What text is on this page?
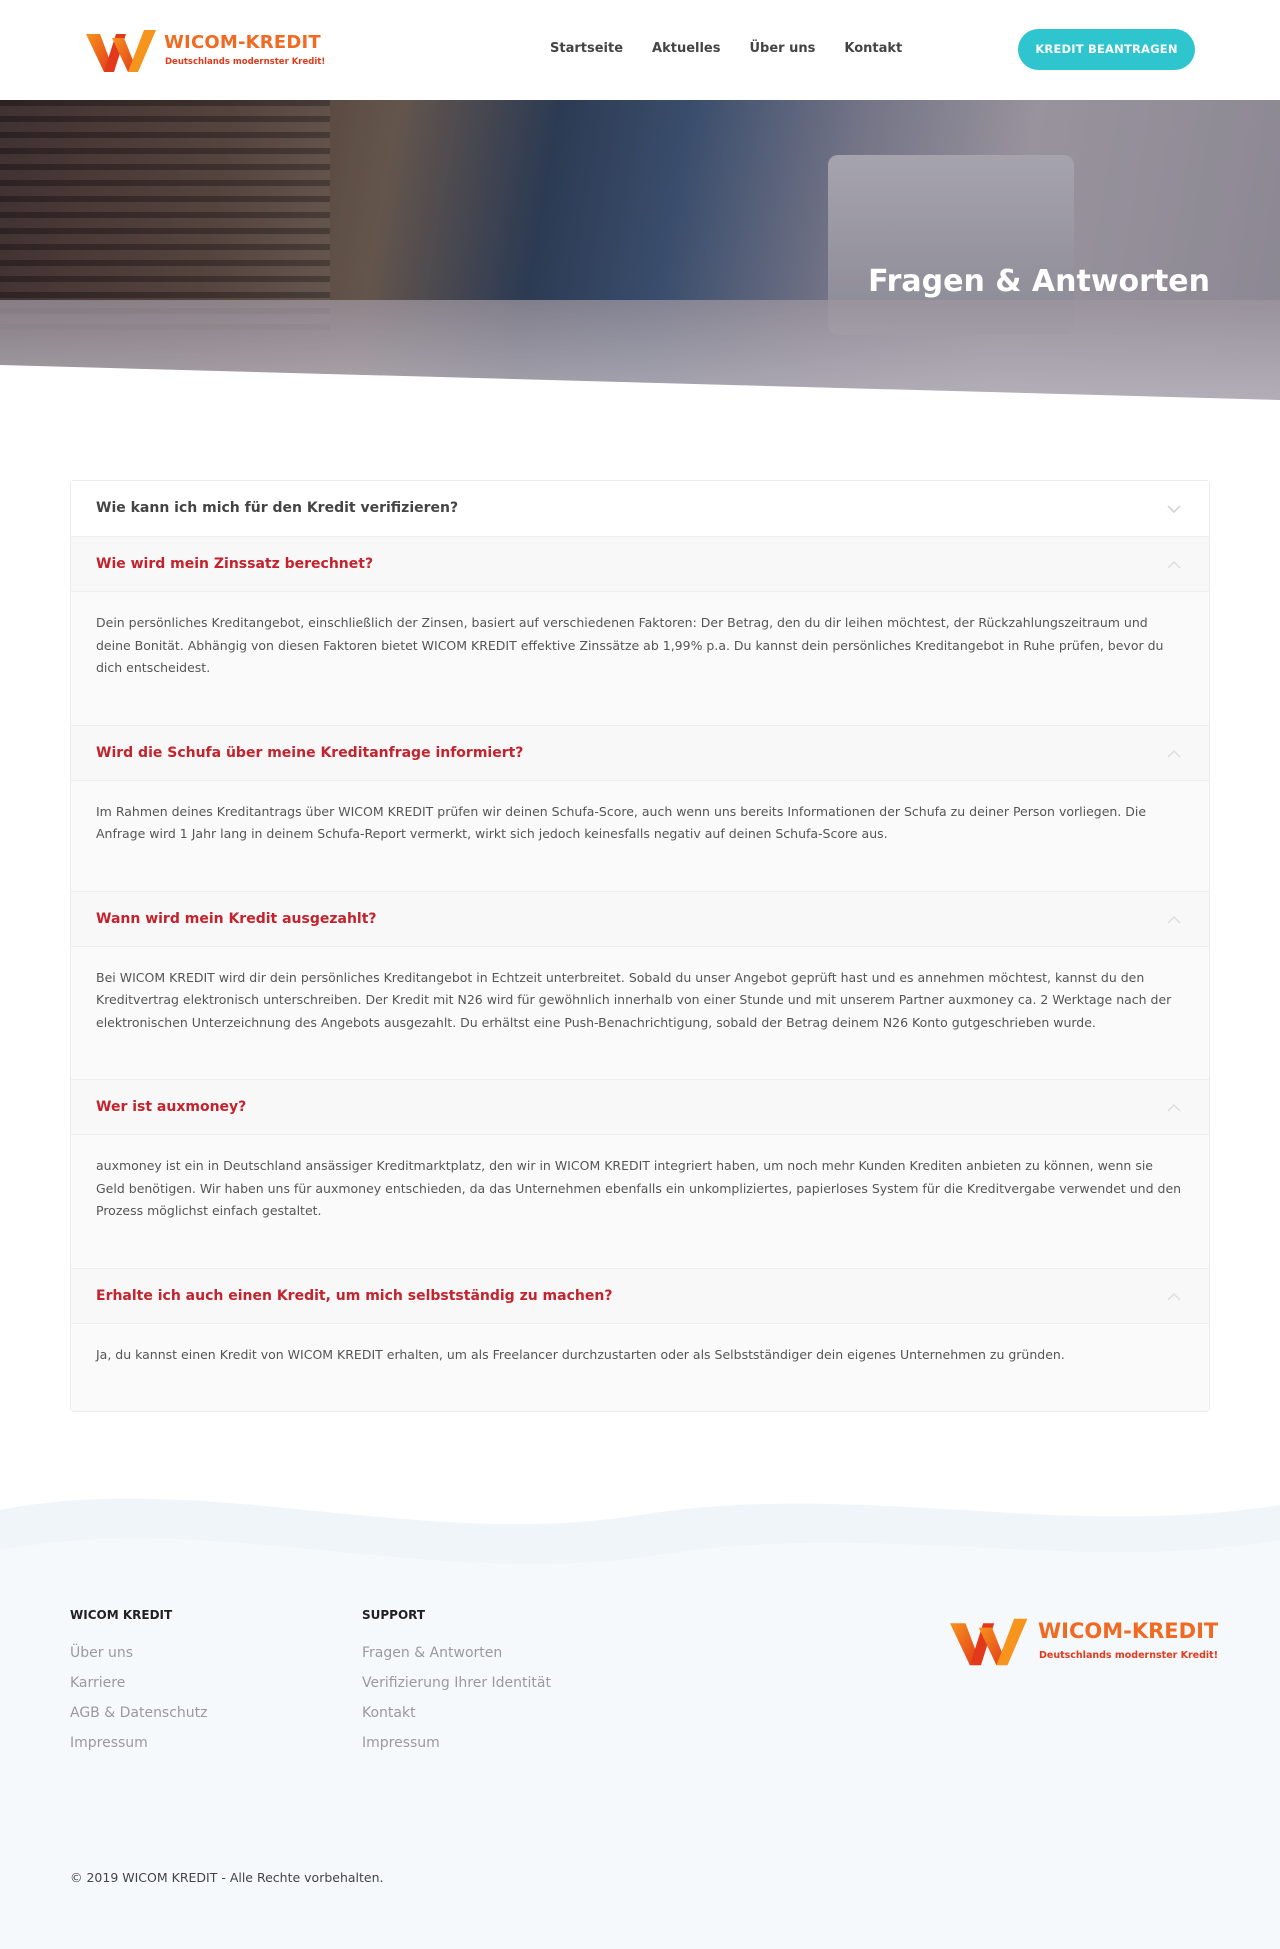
WICOM-KREDIT
Deutschlands modernster Kredit!
Startseite Aktuelles Über uns Kontakt	KREDIT BEANTRAGEN
Fragen & Antworten
Wie kann ich mich für den Kredit verifizieren?
Wie wird mein Zinssatz berechnet?
Dein persönliches Kreditangebot, einschließlich der Zinsen, basiert auf verschiedenen Faktoren: Der Betrag, den du dir leihen möchtest, der Rückzahlungszeitraum und deine Bonität. Abhängig von diesen Faktoren bietet WICOM KREDIT effektive Zinssätze ab 1,99% p.a. Du kannst dein persönliches Kreditangebot in Ruhe prüfen, bevor du dich entscheidest.
Wird die Schufa über meine Kreditanfrage informiert?
Im Rahmen deines Kreditantrags über WICOM KREDIT prüfen wir deinen Schufa-Score, auch wenn uns bereits Informationen der Schufa zu deiner Person vorliegen. Die Anfrage wird 1 Jahr lang in deinem Schufa-Report vermerkt, wirkt sich jedoch keinesfalls negativ auf deinen Schufa-Score aus.
Wann wird mein Kredit ausgezahlt?
Bei WICOM KREDIT wird dir dein persönliches Kreditangebot in Echtzeit unterbreitet. Sobald du unser Angebot geprüft hast und es annehmen möchtest, kannst du den Kreditvertrag elektronisch unterschreiben. Der Kredit mit N26 wird für gewöhnlich innerhalb von einer Stunde und mit unserem Partner auxmoney ca. 2 Werktage nach der elektronischen Unterzeichnung des Angebots ausgezahlt. Du erhältst eine Push-Benachrichtigung, sobald der Betrag deinem N26 Konto gutgeschrieben wurde.
Wer ist auxmoney?
auxmoney ist ein in Deutschland ansässiger Kreditmarktplatz, den wir in WICOM KREDIT integriert haben, um noch mehr Kunden Krediten anbieten zu können, wenn sie Geld benötigen. Wir haben uns für auxmoney entschieden, da das Unternehmen ebenfalls ein unkompliziertes, papierloses System für die Kreditvergabe verwendet und den Prozess möglichst einfach gestaltet.
Erhalte ich auch einen Kredit, um mich selbstständig zu machen?
Ja, du kannst einen Kredit von WICOM KREDIT erhalten, um als Freelancer durchzustarten oder als Selbstständiger dein eigenes Unternehmen zu gründen.
WICOM KREDIT
Über uns
Karriere
AGB & Datenschutz
Impressum
SUPPORT
Fragen & Antworten
Verifizierung Ihrer Identität
Kontakt
Impressum
WICOM-KREDIT
Deutschlands modernster Kredit!
© 2019 WICOM KREDIT - Alle Rechte vorbehalten.
